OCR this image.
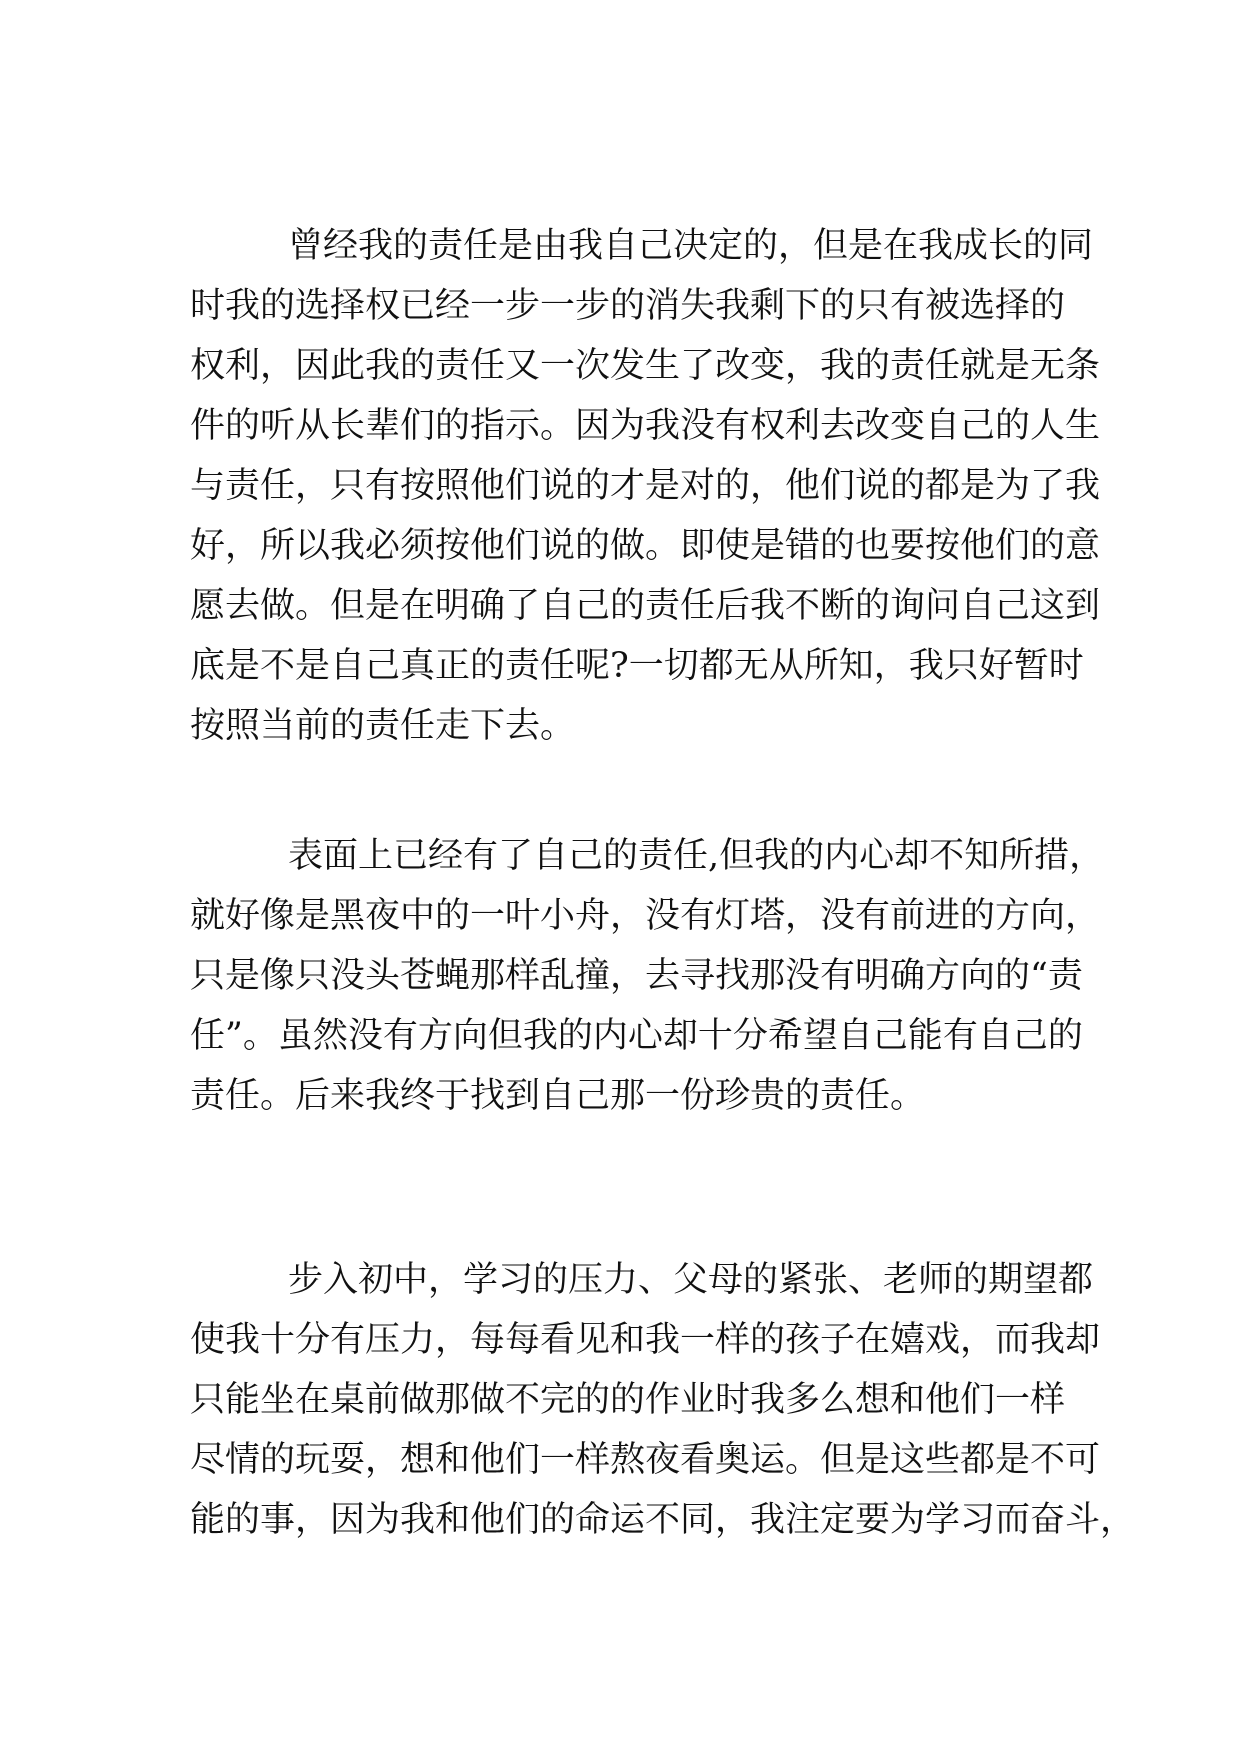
曾经我的责任是由我自己决定的，但是在我成长的同
时我的选择权已经一步一步的消失我剩下的只有被选择的
权利，因此我的责任又一次发生了改变，我的责任就是无条
件的听从长辈们的指示。因为我没有权利去改变自己的人生
与责任，只有按照他们说的才是对的，他们说的都是为了我
好，所以我必须按他们说的做。即使是错的也要按他们的意
愿去做。但是在明确了自己的责任后我不断的询问自己这到
底是不是自己真正的责任呢?一切都无从所知，我只好暂时
按照当前的责任走下去。
表面上已经有了自己的责任,但我的内心却不知所措，
就好像是黑夜中的一叶小舟，没有灯塔，没有前进的方向，
只是像只没头苍蝇那样乱撞，去寻找那没有明确方向的“责
任”。虽然没有方向但我的内心却十分希望自己能有自己的
责任。后来我终于找到自己那一份珍贵的责任。
步入初中，学习的压力、父母的紧张、老师的期望都
使我十分有压力，每每看见和我一样的孩子在嬉戏，而我却
只能坐在桌前做那做不完的的作业时我多么想和他们一样
尽情的玩耍，想和他们一样熬夜看奥运。但是这些都是不可
能的事，因为我和他们的命运不同，我注定要为学习而奋斗，
